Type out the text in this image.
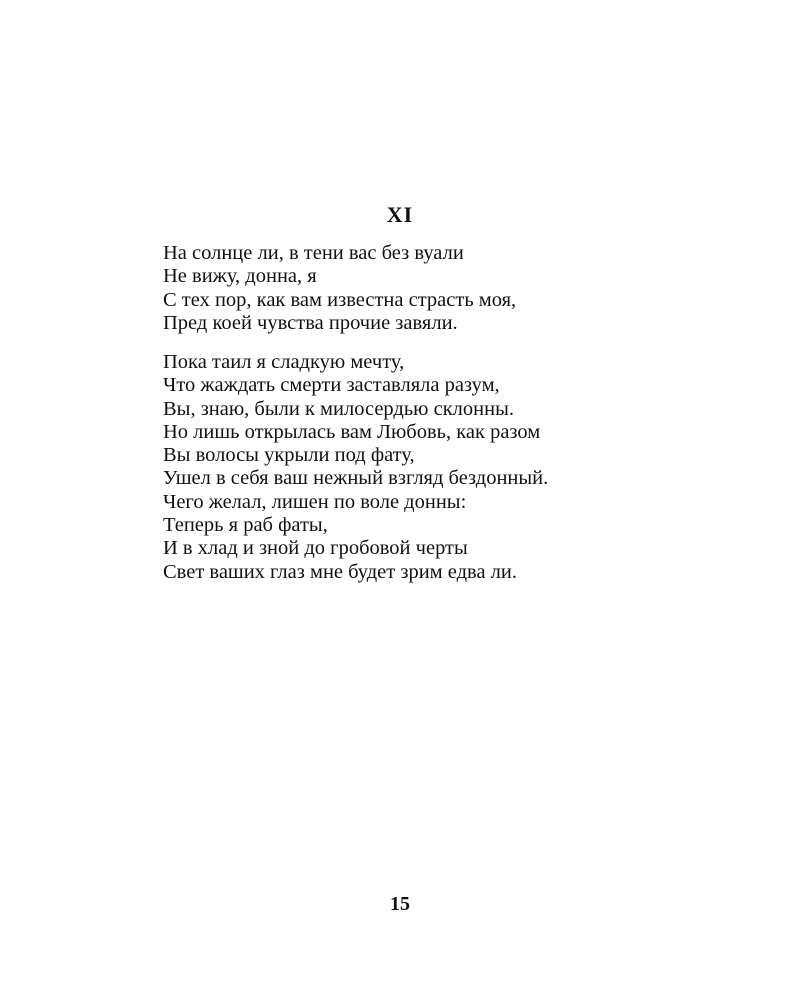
XI
На солнце ли, в тени вас без вуали
Не вижу, донна, я
С тех пор, как вам известна страсть моя,
Пред коей чувства прочие завяли.
Пока таил я сладкую мечту,
Что жаждать смерти заставляла разум,
Вы, знаю, были к милосердью склонны.
Но лишь открылась вам Любовь, как разом
Вы волосы укрыли под фату,
Ушел в себя ваш нежный взгляд бездонный.
Чего желал, лишен по воле донны:
Теперь я раб фаты,
И в хлад и зной до гробовой черты
Свет ваших глаз мне будет зрим едва ли.
15
